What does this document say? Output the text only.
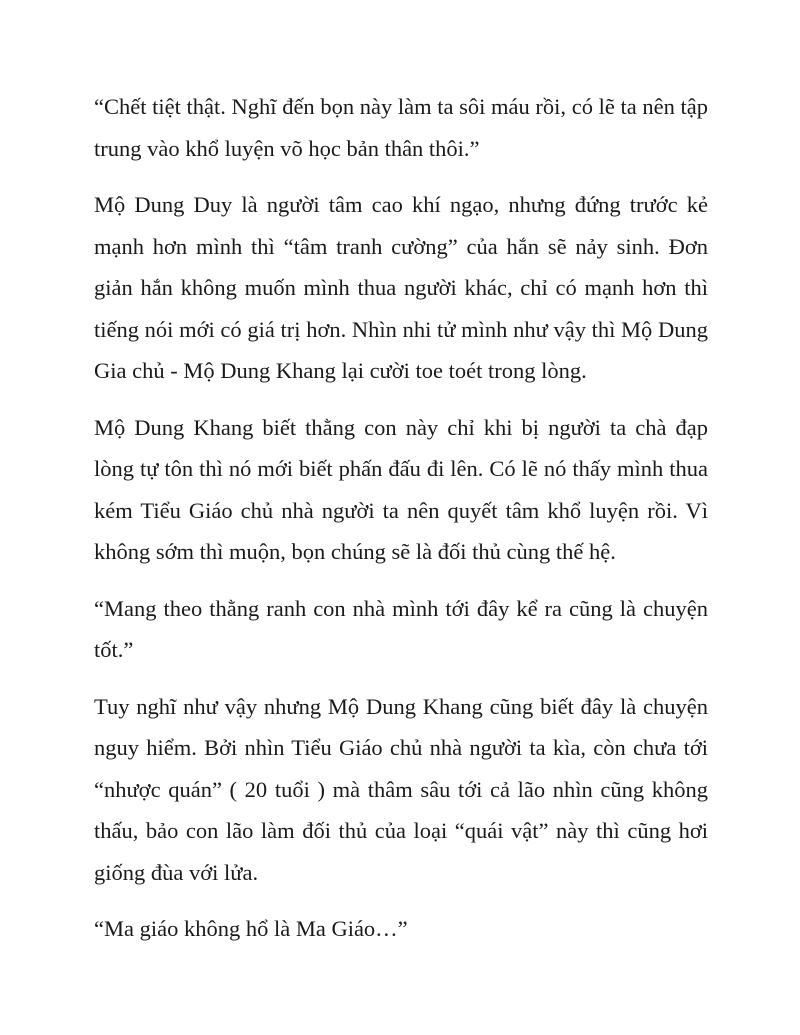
“Chết tiệt thật. Nghĩ đến bọn này làm ta sôi máu rồi, có lẽ ta nên tập trung vào khổ luyện võ học bản thân thôi.”

Mộ Dung Duy là người tâm cao khí ngạo, nhưng đứng trước kẻ mạnh hơn mình thì “tâm tranh cường” của hắn sẽ nảy sinh. Đơn giản hắn không muốn mình thua người khác, chỉ có mạnh hơn thì tiếng nói mới có giá trị hơn. Nhìn nhi tử mình như vậy thì Mộ Dung Gia chủ - Mộ Dung Khang lại cười toe toét trong lòng.

Mộ Dung Khang biết thằng con này chỉ khi bị người ta chà đạp lòng tự tôn thì nó mới biết phấn đấu đi lên. Có lẽ nó thấy mình thua kém Tiểu Giáo chủ nhà người ta nên quyết tâm khổ luyện rồi. Vì không sớm thì muộn, bọn chúng sẽ là đối thủ cùng thế hệ.

“Mang theo thằng ranh con nhà mình tới đây kể ra cũng là chuyện tốt.”

Tuy nghĩ như vậy nhưng Mộ Dung Khang cũng biết đây là chuyện nguy hiểm. Bởi nhìn Tiểu Giáo chủ nhà người ta kìa, còn chưa tới “nhược quán” ( 20 tuổi ) mà thâm sâu tới cả lão nhìn cũng không thấu, bảo con lão làm đối thủ của loại “quái vật” này thì cũng hơi giống đùa với lửa.

“Ma giáo không hổ là Ma Giáo…”
